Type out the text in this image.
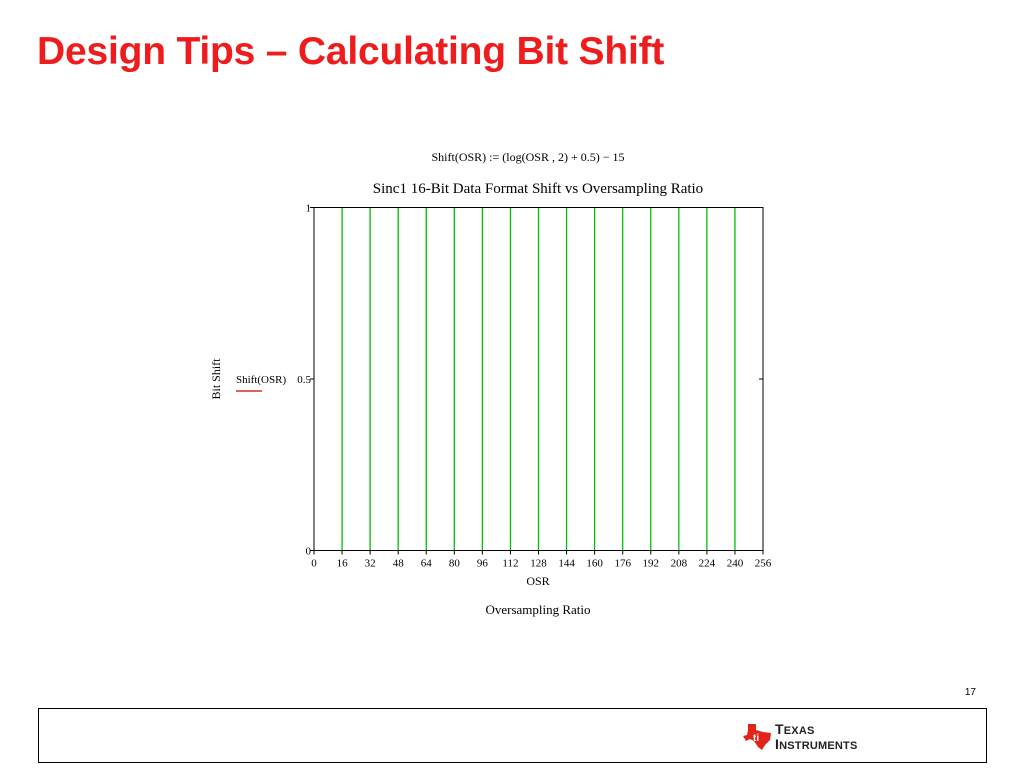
Design Tips – Calculating Bit Shift
Shift(OSR) := (log(OSR , 2) + 0.5) − 15
Sinc1 16-Bit Data Format Shift vs Oversampling Ratio
0
0.5
1
0 16 32 48 64 80 96 112 128 144 160 176 192 208 224 240 256
Bit Shift Shift(OSR)
OSR
Oversampling Ratio
17
ti
TEXAS
INSTRUMENTS
